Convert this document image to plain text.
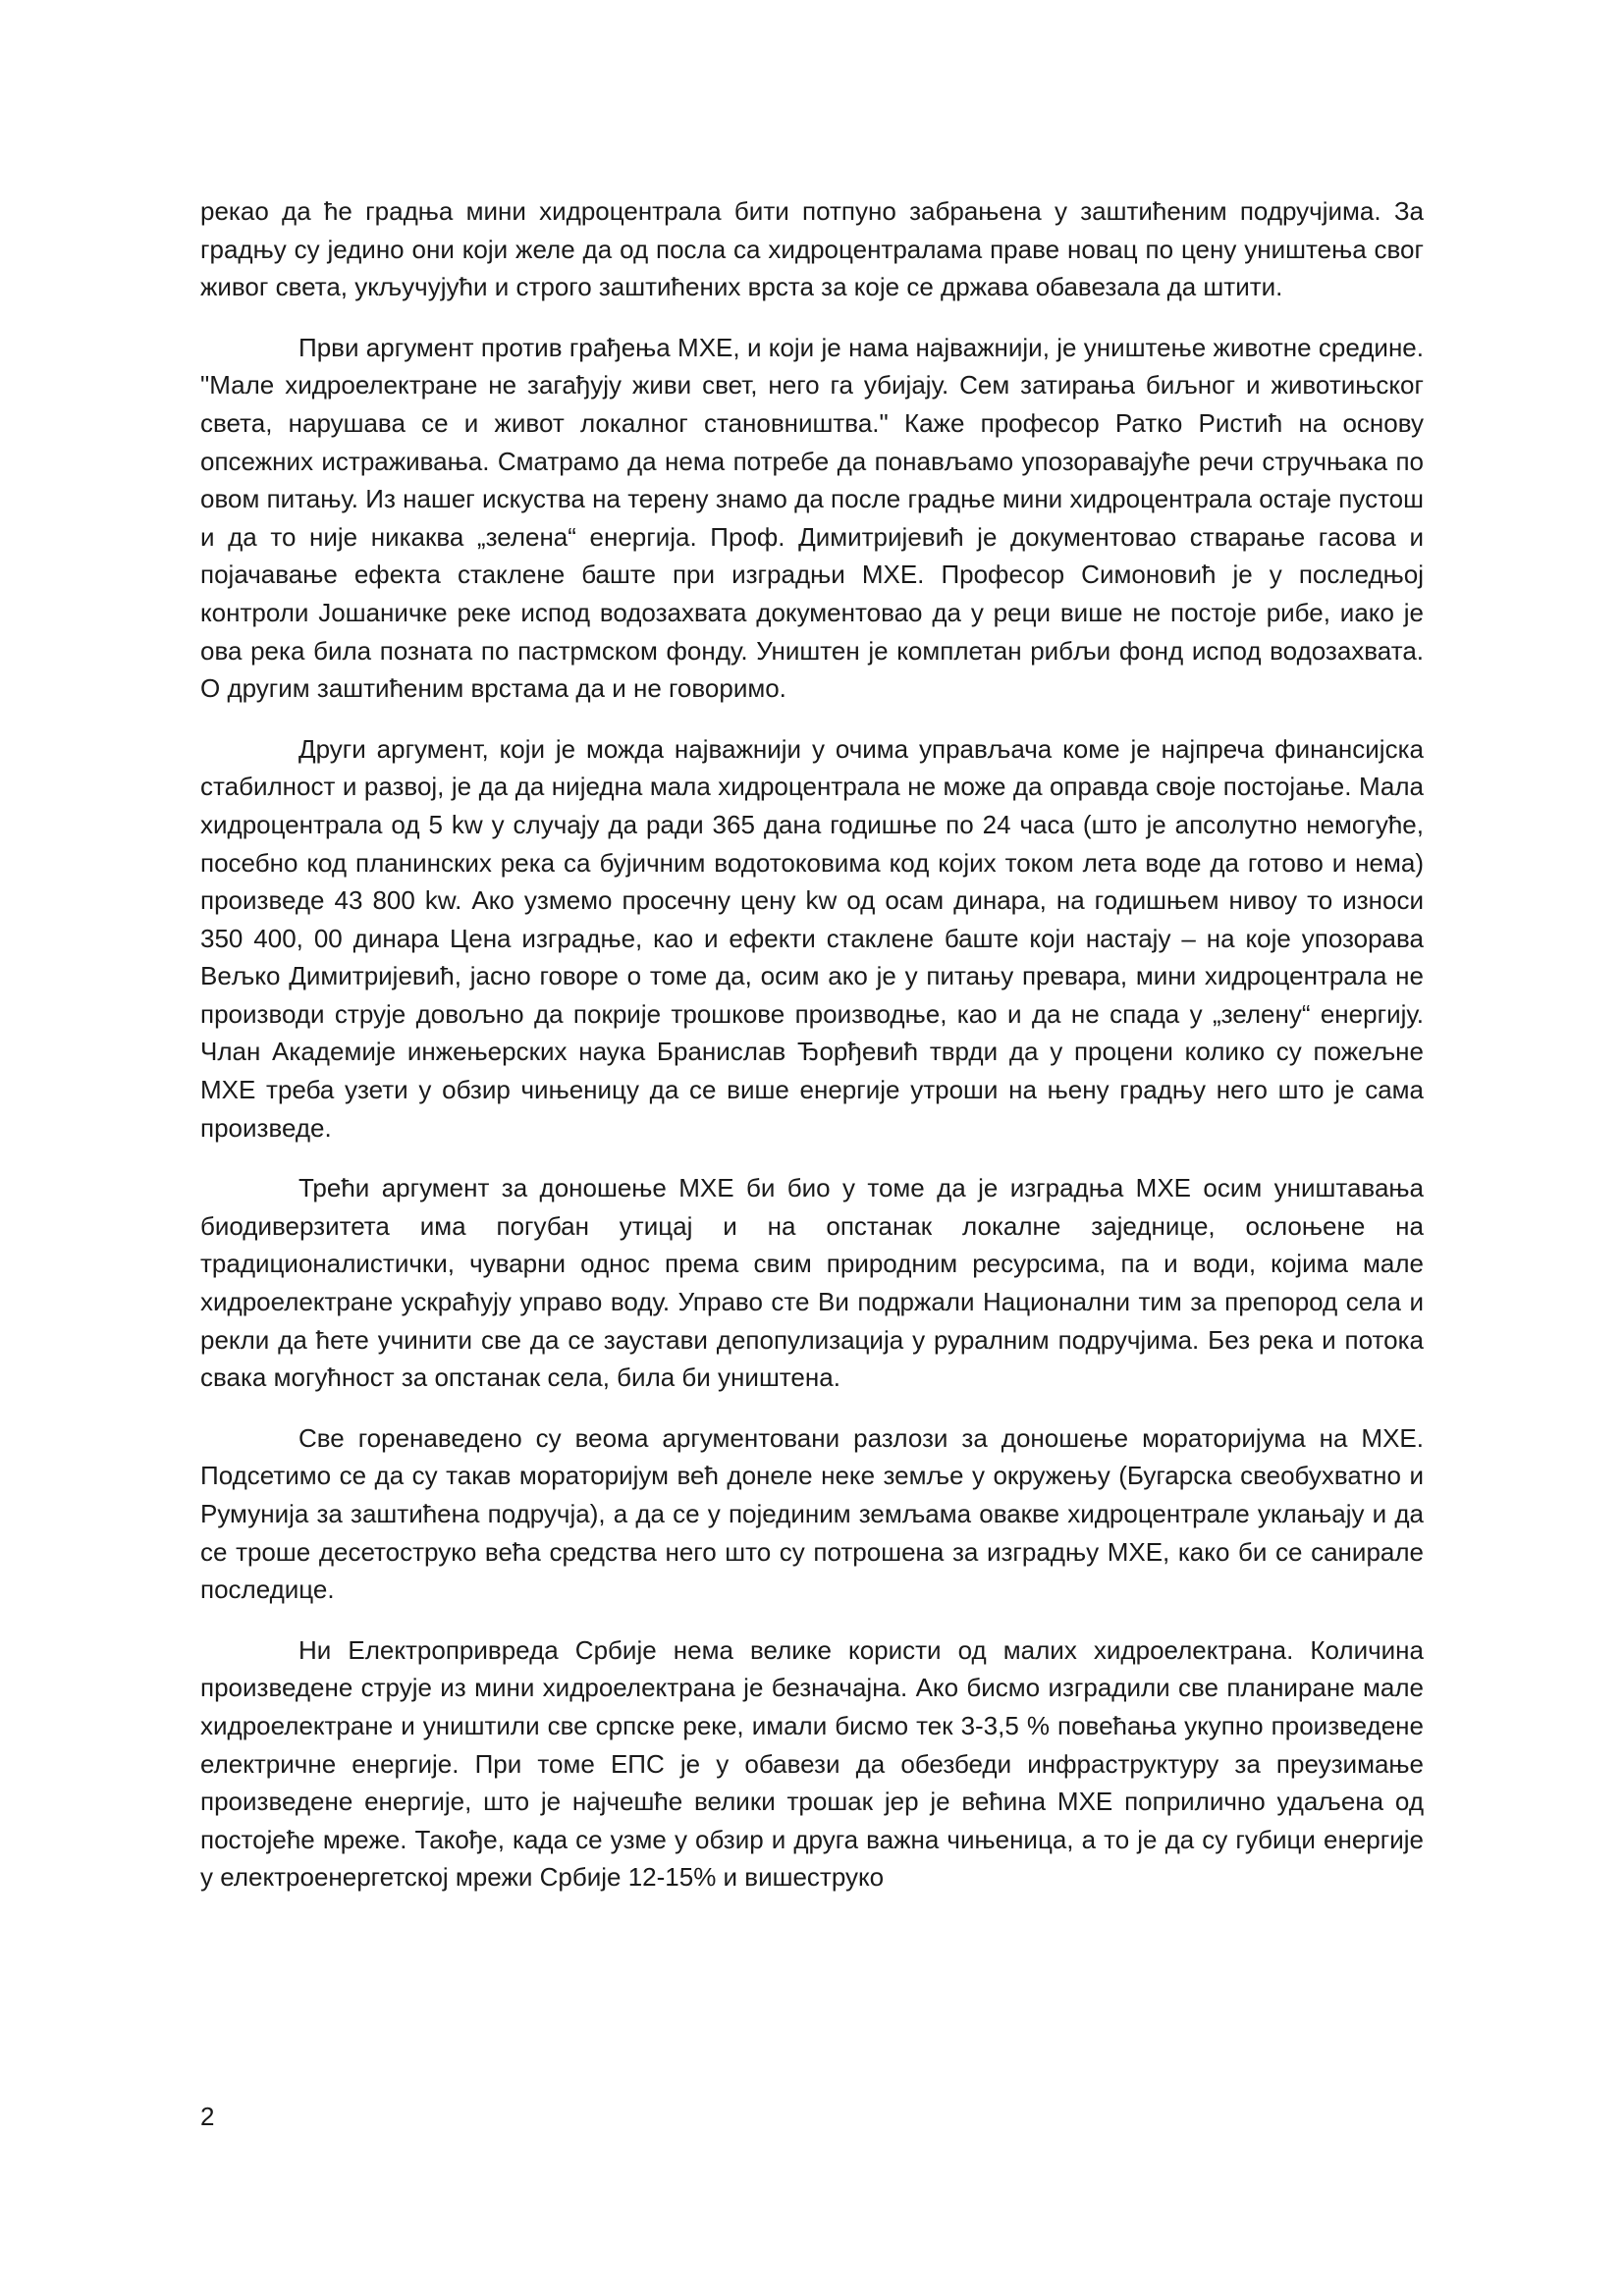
рекао да ће градња мини хидроцентрала бити потпуно забрањена у заштићеним подручјима. За градњу су једино они који желе да од посла са хидроцентралама праве новац по цену уништења свог живог света, укључујући и строго заштићених врста за које се држава обавезала да штити.

Први аргумент против грађења МХЕ, и који је нама најважнији, је уништење животне средине. "Мале хидроелектране не загађују живи свет, него га убијају. Сем затирања биљног и животињског света, нарушава се и живот локалног становништва." Каже професор Ратко Ристић на основу опсежних истраживања. Сматрамо да нема потребе да понављамо упозоравајуће речи стручњака по овом питању. Из нашег искуства на терену знамо да после градње мини хидроцентрала остаје пустош и да то није никаква „зелена“ енергија. Проф. Димитријевић је документовао стварање гасова и појачавање ефекта стаклене баште при изградњи МХЕ. Професор Симоновић је у последњој контроли Јошаничке реке испод водозахвата документовао да у реци више не постоје рибе, иако је ова река била позната по пастрмском фонду. Уништен је комплетан рибљи фонд испод водозахвата. О другим заштићеним врстама да и не говоримо.

Други аргумент, који је можда најважнији у очима управљача коме је најпреча финансијска стабилност и развој, је да да ниједна мала хидроцентрала не може да оправда своје постојање. Мала хидроцентрала од 5 kw у случају да ради 365 дана годишње по 24 часа (што је апсолутно немогуће, посебно код планинских река са бујичним водотоковима код којих током лета воде да готово и нема) произведе 43 800 kw. Ако узмемо просечну цену kw од осам динара, на годишњем нивоу то износи 350 400, 00 динара Цена изградње, као и ефекти стаклене баште који настају – на које упозорава Вељко Димитријевић, јасно говоре о томе да, осим ако је у питању превара, мини хидроцентрала не производи струје довољно да покрије трошкове производње, као и да не спада у „зелену“ енергију. Члан Академије инжењерских наука Бранислав Ђорђевић тврди да у процени колико су пожељне МХЕ треба узети у обзир чињеницу да се више енергије утроши на њену градњу него што је сама произведе.

Трећи аргумент за доношење МХЕ би био у томе да је изградња МХЕ осим уништавања биодиверзитета има погубан утицај и на опстанак локалне заједнице, ослоњене на традиционалистички, чуварни однос према свим природним ресурсима, па и води, којима мале хидроелектране ускраћују управо воду. Управо сте Ви подржали Национални тим за препород села и рекли да ћете учинити све да се заустави депопулизација у руралним подручјима. Без река и потока свака могућност за опстанак села, била би уништена.

Све горенаведено су веома аргументовани разлози за доношење мораторијума на МХЕ. Подсетимо се да су такав мораторијум већ донеле неке земље у окружењу (Бугарска свеобухватно и Румунија за заштићена подручја), а да се у појединим земљама овакве хидроцентрале уклањају и да се троше десетоструко већа средства него што су потрошена за изградњу МХЕ, како би се санирале последице.

Ни Електропривреда Србије нема велике користи од малих хидроелектрана. Количина произведене струје из мини хидроелектрана је безначајна. Ако бисмо изградили све планиране мале хидроелектране и уништили све српске реке, имали бисмо тек 3-3,5 % повећања укупно произведене електричне енергије. При томе ЕПС је у обавези да обезбеди инфраструктуру за преузимање произведене енергије, што је најчешће велики трошак јер је већина МХЕ поприлично удаљена од постојеће мреже. Такође, када се узме у обзир и друга важна чињеница, а то је да су губици енергије у електроенергетској мрежи Србије 12-15% и вишеструко

2
